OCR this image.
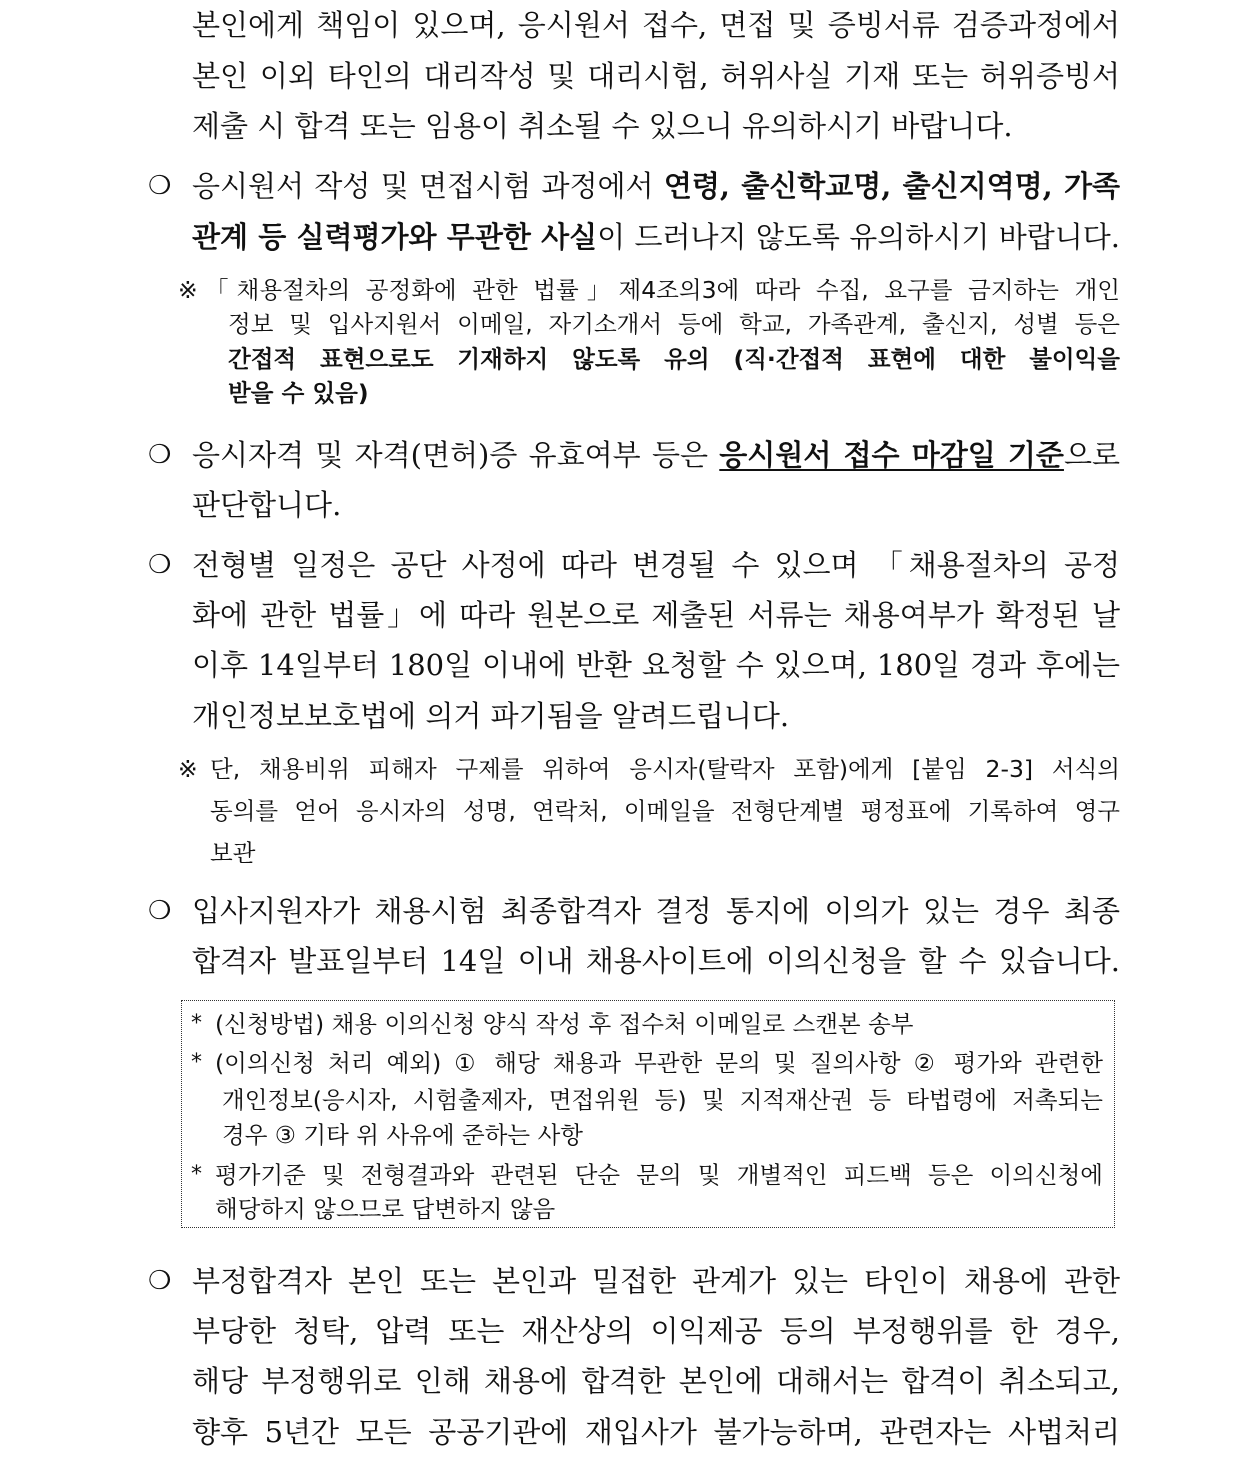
본인에게 책임이 있으며, 응시원서 접수, 면접 및 증빙서류 검증과정에서
본인 이외 타인의 대리작성 및 대리시험, 허위사실 기재 또는 허위증빙서
제출 시 합격 또는 임용이 취소될 수 있으니 유의하시기 바랍니다.
❍ 응시원서 작성 및 면접시험 과정에서 연령, 출신학교명, 출신지역명, 가족
관계 등 실력평가와 무관한 사실이 드러나지 않도록 유의하시기 바랍니다.
※ 「채용절차의 공정화에 관한 법률」제4조의3에 따라 수집, 요구를 금지하는 개인
정보 및 입사지원서 이메일, 자기소개서 등에 학교, 가족관계, 출신지, 성별 등은
간접적 표현으로도 기재하지 않도록 유의 (직·간접적 표현에 대한 불이익을
받을 수 있음)
❍ 응시자격 및 자격(면허)증 유효여부 등은 응시원서 접수 마감일 기준으로
판단합니다.
❍ 전형별 일정은 공단 사정에 따라 변경될 수 있으며 「채용절차의 공정
화에 관한 법률」에 따라 원본으로 제출된 서류는 채용여부가 확정된 날
이후 14일부터 180일 이내에 반환 요청할 수 있으며, 180일 경과 후에는
개인정보보호법에 의거 파기됨을 알려드립니다.
※ 단, 채용비위 피해자 구제를 위하여 응시자(탈락자 포함)에게 [붙임 2-3] 서식의
동의를 얻어 응시자의 성명, 연락처, 이메일을 전형단계별 평정표에 기록하여 영구
보관
❍ 입사지원자가 채용시험 최종합격자 결정 통지에 이의가 있는 경우 최종
합격자 발표일부터 14일 이내 채용사이트에 이의신청을 할 수 있습니다.
* (신청방법) 채용 이의신청 양식 작성 후 접수처 이메일로 스캔본 송부
* (이의신청 처리 예외) ① 해당 채용과 무관한 문의 및 질의사항 ② 평가와 관련한
개인정보(응시자, 시험출제자, 면접위원 등) 및 지적재산권 등 타법령에 저촉되는
경우 ③ 기타 위 사유에 준하는 사항
* 평가기준 및 전형결과와 관련된 단순 문의 및 개별적인 피드백 등은 이의신청에
해당하지 않으므로 답변하지 않음
❍ 부정합격자 본인 또는 본인과 밀접한 관계가 있는 타인이 채용에 관한
부당한 청탁, 압력 또는 재산상의 이익제공 등의 부정행위를 한 경우,
해당 부정행위로 인해 채용에 합격한 본인에 대해서는 합격이 취소되고,
향후 5년간 모든 공공기관에 재입사가 불가능하며, 관련자는 사법처리
